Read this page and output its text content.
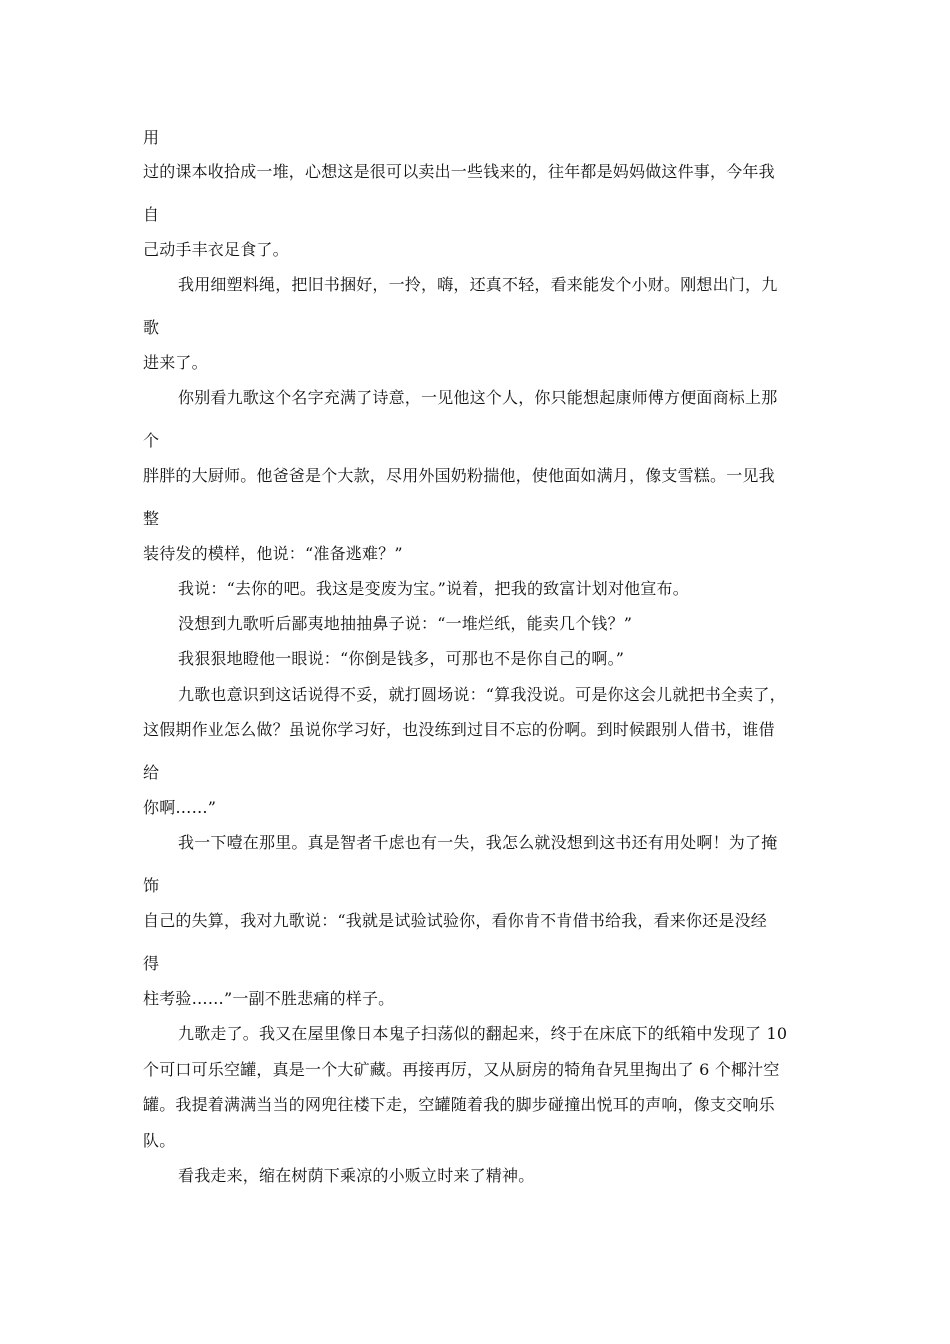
用
过的课本收拾成一堆，心想这是很可以卖出一些钱来的，往年都是妈妈做这件事，今年我
自
己动手丰衣足食了。
我用细塑料绳，把旧书捆好，一拎，嗨，还真不轻，看来能发个小财。刚想出门，九
歌
进来了。
你别看九歌这个名字充满了诗意，一见他这个人，你只能想起康师傅方便面商标上那
个
胖胖的大厨师。他爸爸是个大款，尽用外国奶粉揣他，使他面如满月，像支雪糕。一见我
整
装待发的模样，他说：“准备逃难？”
我说：“去你的吧。我这是变废为宝。”说着，把我的致富计划对他宣布。
没想到九歌听后鄙夷地抽抽鼻子说：“一堆烂纸，能卖几个钱？”
我狠狠地瞪他一眼说：“你倒是钱多，可那也不是你自己的啊。”
九歌也意识到这话说得不妥，就打圆场说：“算我没说。可是你这会儿就把书全卖了，
这假期作业怎么做？虽说你学习好，也没练到过目不忘的份啊。到时候跟别人借书，谁借
给
你啊……”
我一下噎在那里。真是智者千虑也有一失，我怎么就没想到这书还有用处啊！为了掩
饰
自己的失算，我对九歌说：“我就是试验试验你，看你肯不肯借书给我，看来你还是没经
得
柱考验……”一副不胜悲痛的样子。
九歌走了。我又在屋里像日本鬼子扫荡似的翻起来，终于在床底下的纸箱中发现了 10
个可口可乐空罐，真是一个大矿藏。再接再厉，又从厨房的犄角旮旯里掏出了 6 个椰汁空
罐。我提着满满当当的网兜往楼下走，空罐随着我的脚步碰撞出悦耳的声响，像支交响乐
队。
看我走来，缩在树荫下乘凉的小贩立时来了精神。
